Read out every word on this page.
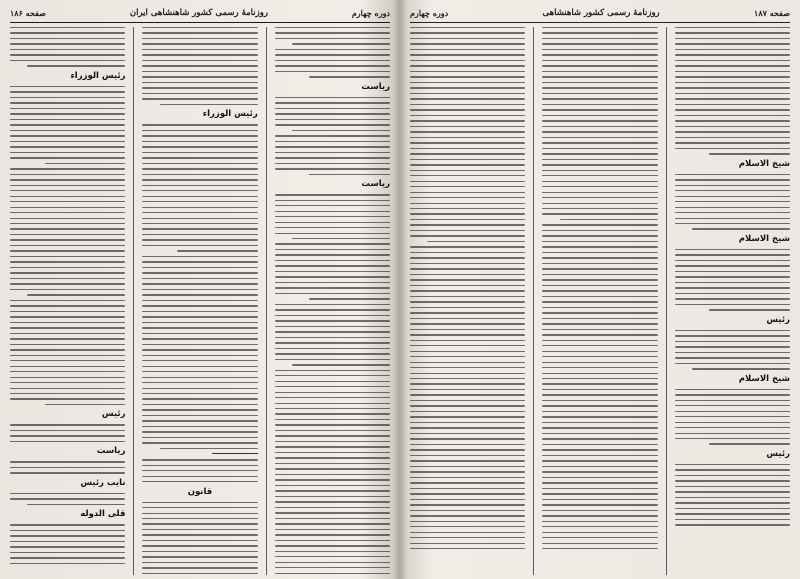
دوره چهارم
روزنامهٔ رسمی کشور شاهنشاهی ایران
صفحه ۱۸۶
ریاست
ریاست
رئیس الوزراء
قانون
رئیس الوزراء
رئیس
ریاست
نایب رئیس
قلی الدوله
صفحه ۱۸۷
روزنامهٔ رسمی کشور شاهنشاهی
دوره چهارم
شیخ الاسلام
شیخ الاسلام
رئیس
شیخ الاسلام
رئیس
